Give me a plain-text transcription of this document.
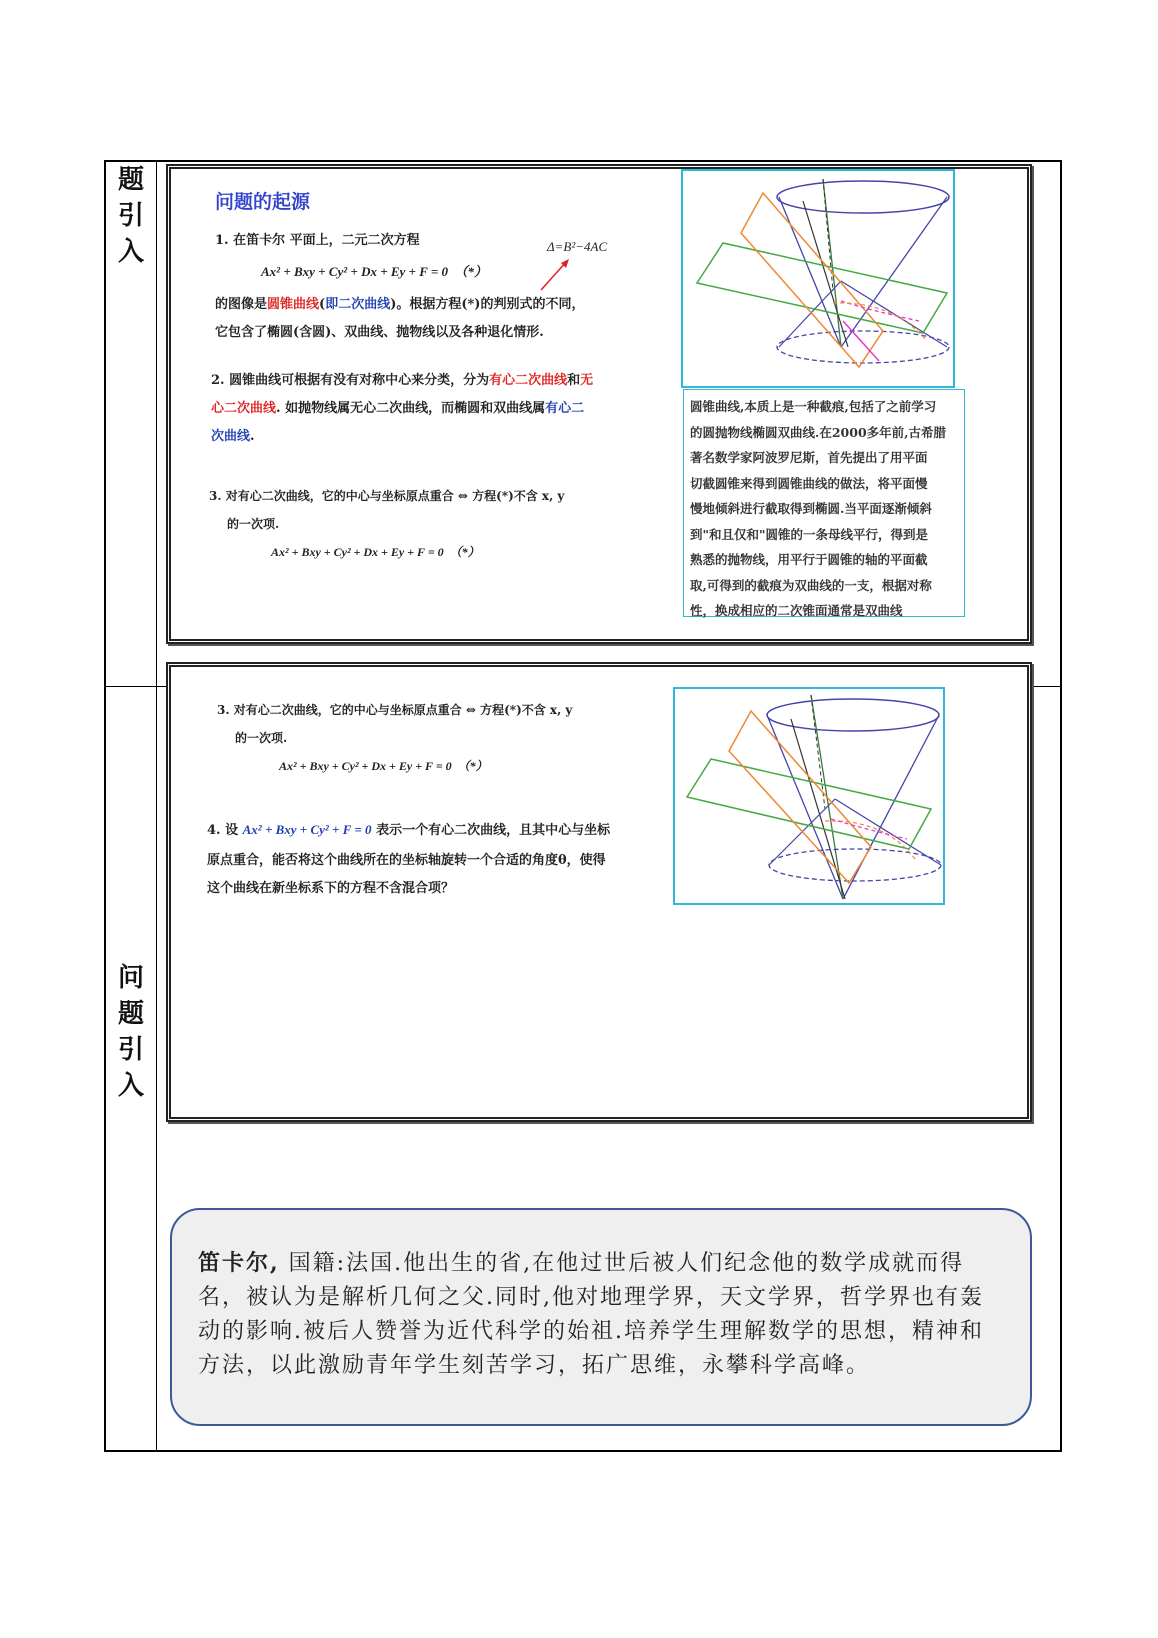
题
引
入
问
题
引
入
问题的起源
1. 在笛卡尔 平面上，二元二次方程	Δ=B²−4AC
Ax² + Bxy + Cy² + Dx + Ey + F = 0　（*）
的图像是圆锥曲线(即二次曲线)。根据方程(*)的判别式的不同，
它包含了椭圆(含圆)、双曲线、抛物线以及各种退化情形.
2. 圆锥曲线可根据有没有对称中心来分类，分为有心二次曲线和无
心二次曲线. 如抛物线属无心二次曲线，而椭圆和双曲线属有心二
次曲线.
3. 对有心二次曲线，它的中心与坐标原点重合 ⇔ 方程(*)不含 x, y
的一次项.
Ax² + Bxy + Cy² + Dx + Ey + F = 0　（*）
圆锥曲线,本质上是一种截痕,包括了之前学习
的圆抛物线椭圆双曲线.在2000多年前,古希腊
著名数学家阿波罗尼斯，首先提出了用平面
切截圆锥来得到圆锥曲线的做法，将平面慢
慢地倾斜进行截取得到椭圆.当平面逐渐倾斜
到"和且仅和"圆锥的一条母线平行，得到是
熟悉的抛物线，用平行于圆锥的轴的平面截
取,可得到的截痕为双曲线的一支，根据对称
性，换成相应的二次锥面通常是双曲线
3. 对有心二次曲线，它的中心与坐标原点重合 ⇔ 方程(*)不含 x, y
的一次项.
Ax² + Bxy + Cy² + Dx + Ey + F = 0　（*）
4. 设 Ax² + Bxy + Cy² + F = 0 表示一个有心二次曲线，且其中心与坐标
原点重合，能否将这个曲线所在的坐标轴旋转一个合适的角度θ，使得
这个曲线在新坐标系下的方程不含混合项？
笛卡尔, 国籍:法国.他出生的省,在他过世后被人们纪念他的数学成就而得名，被认为是解析几何之父.同时,他对地理学界，天文学界，哲学界也有轰动的影响.被后人赞誉为近代科学的始祖.培养学生理解数学的思想，精神和方法，以此激励青年学生刻苦学习，拓广思维，永攀科学高峰。
